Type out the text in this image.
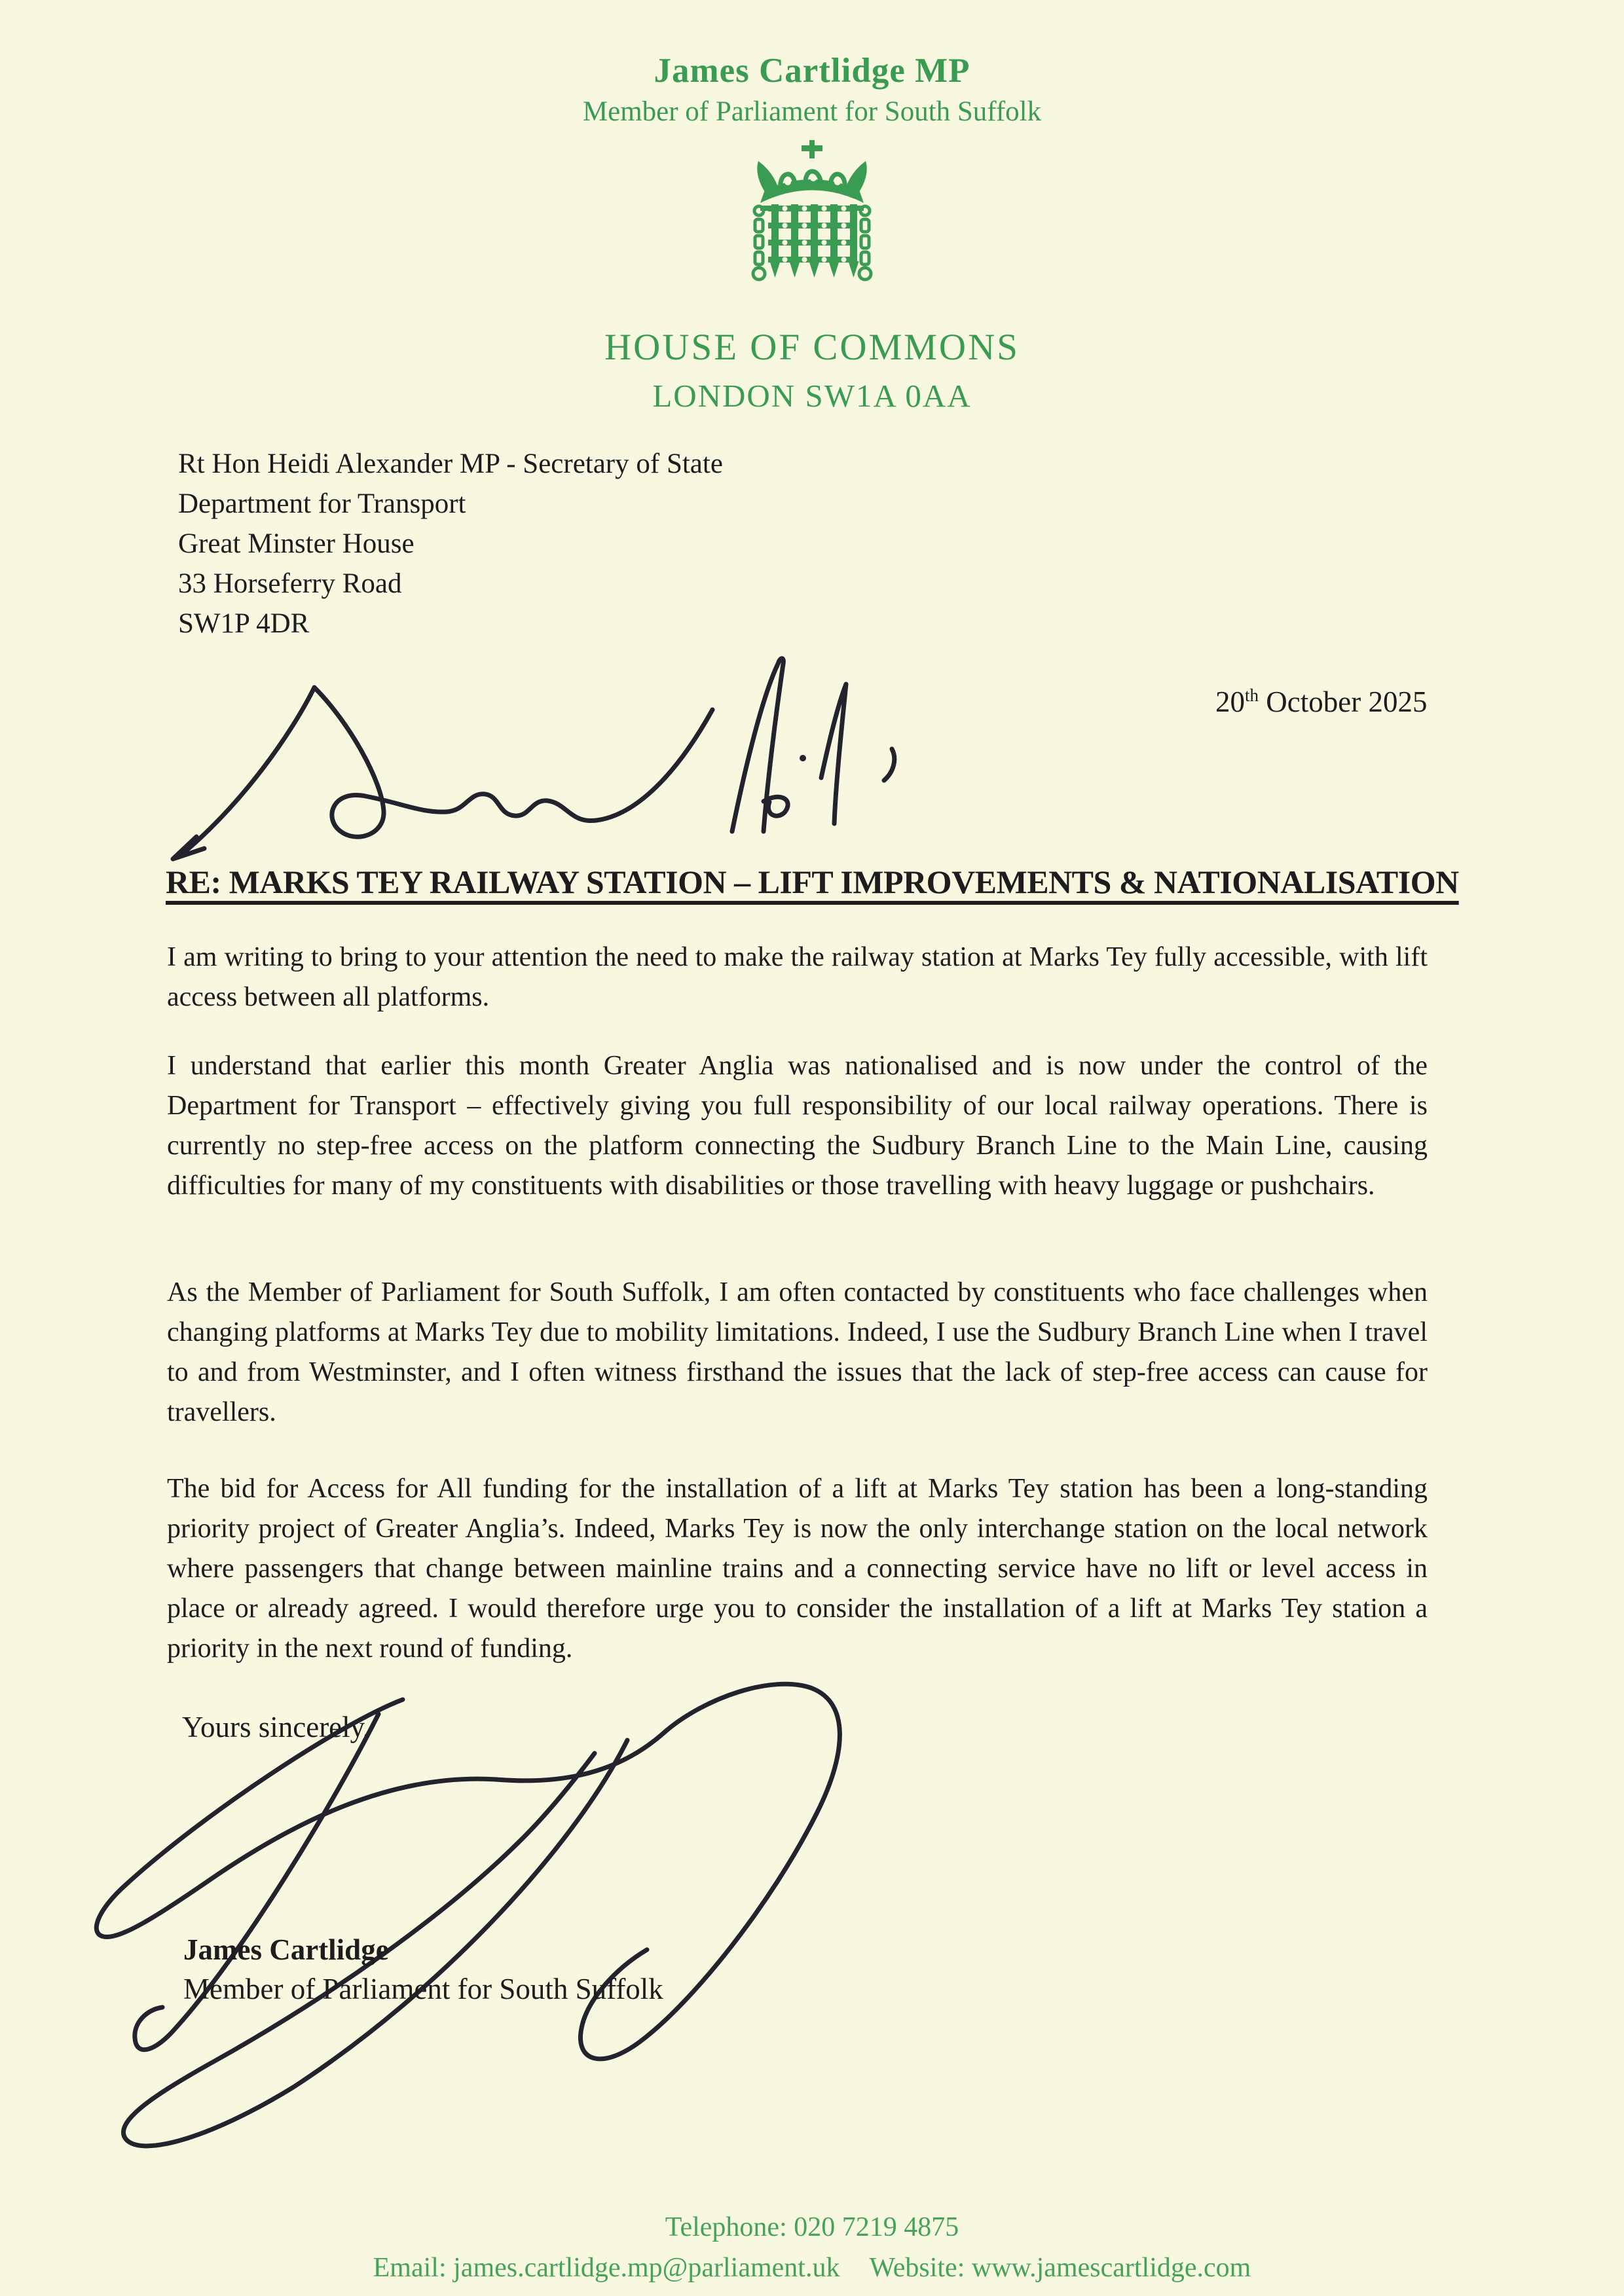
James Cartlidge MP
Member of Parliament for South Suffolk
HOUSE OF COMMONS
LONDON SW1A 0AA
Rt Hon Heidi Alexander MP - Secretary of State
Department for Transport
Great Minster House
33 Horseferry Road
SW1P 4DR
20th October 2025
RE: MARKS TEY RAILWAY STATION – LIFT IMPROVEMENTS & NATIONALISATION

I am writing to bring to your attention the need to make the railway station at Marks Tey fully accessible, with lift access between all platforms.

I understand that earlier this month Greater Anglia was nationalised and is now under the control of the Department for Transport – effectively giving you full responsibility of our local railway operations. There is currently no step-free access on the platform connecting the Sudbury Branch Line to the Main Line, causing difficulties for many of my constituents with disabilities or those travelling with heavy luggage or pushchairs.

As the Member of Parliament for South Suffolk, I am often contacted by constituents who face challenges when changing platforms at Marks Tey due to mobility limitations. Indeed, I use the Sudbury Branch Line when I travel to and from Westminster, and I often witness firsthand the issues that the lack of step-free access can cause for travellers.

The bid for Access for All funding for the installation of a lift at Marks Tey station has been a long-standing priority project of Greater Anglia’s. Indeed, Marks Tey is now the only interchange station on the local network where passengers that change between mainline trains and a connecting service have no lift or level access in place or already agreed. I would therefore urge you to consider the installation of a lift at Marks Tey station a priority in the next round of funding.

Yours sincerely,
James Cartlidge
Member of Parliament for South Suffolk
Telephone: 020 7219 4875
Email: james.cartlidge.mp@parliament.uk Website: www.jamescartlidge.com
